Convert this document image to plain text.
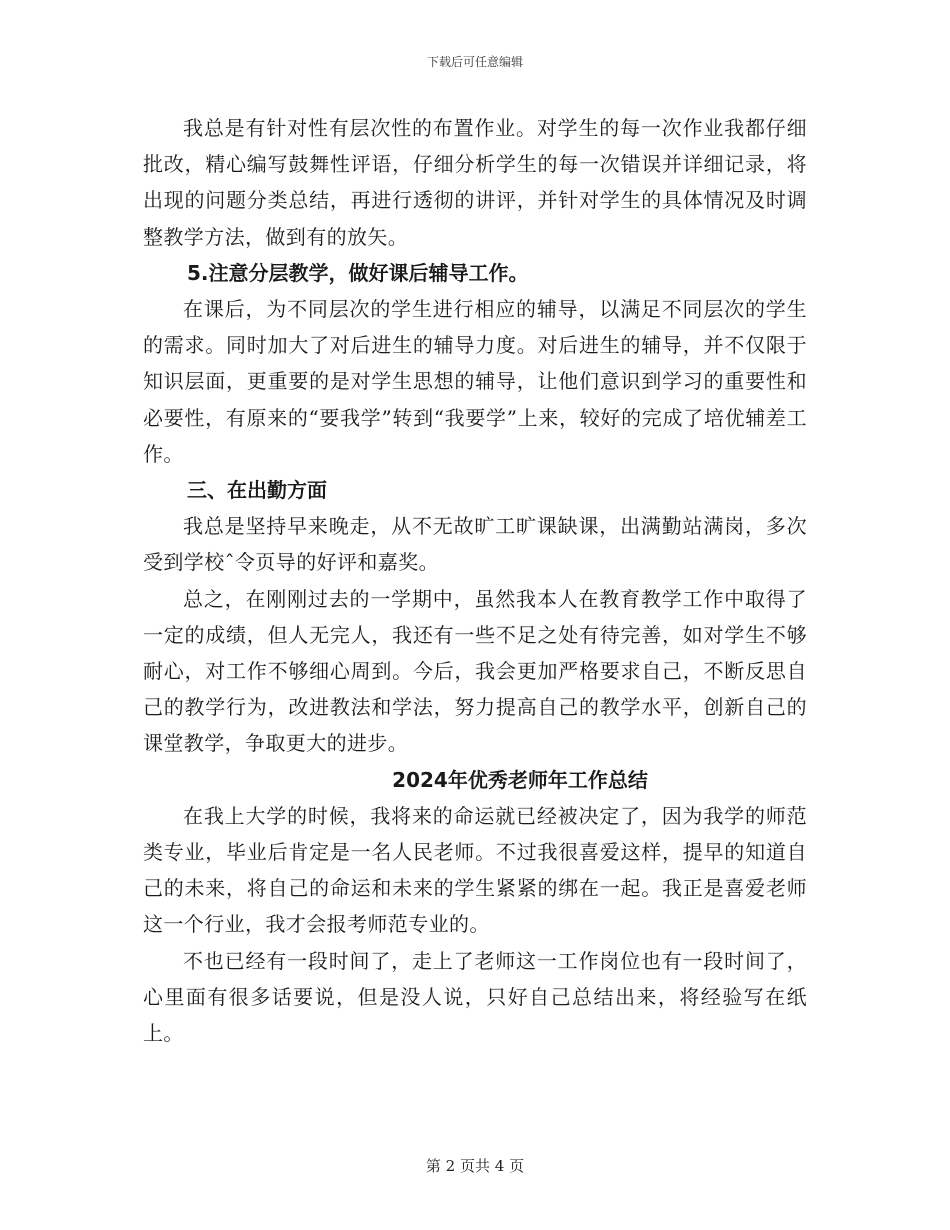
下载后可任意编辑

我总是有针对性有层次性的布置作业。对学生的每一次作业我都仔细批改，精心编写鼓舞性评语，仔细分析学生的每一次错误并详细记录，将出现的问题分类总结，再进行透彻的讲评，并针对学生的具体情况及时调整教学方法，做到有的放矢。

5.注意分层教学，做好课后辅导工作。

在课后，为不同层次的学生进行相应的辅导，以满足不同层次的学生的需求。同时加大了对后进生的辅导力度。对后进生的辅导，并不仅限于知识层面，更重要的是对学生思想的辅导，让他们意识到学习的重要性和必要性，有原来的“要我学”转到“我要学”上来，较好的完成了培优辅差工作。

三、在出勤方面

我总是坚持早来晚走，从不无故旷工旷课缺课，出满勤站满岗，多次受到学校ˆ令页导的好评和嘉奖。

总之，在刚刚过去的一学期中，虽然我本人在教育教学工作中取得了一定的成绩，但人无完人，我还有一些不足之处有待完善，如对学生不够耐心，对工作不够细心周到。今后，我会更加严格要求自己，不断反思自己的教学行为，改进教法和学法，努力提高自己的教学水平，创新自己的课堂教学，争取更大的进步。

2024年优秀老师年工作总结

在我上大学的时候，我将来的命运就已经被决定了，因为我学的师范类专业，毕业后肯定是一名人民老师。不过我很喜爱这样，提早的知道自己的未来，将自己的命运和未来的学生紧紧的绑在一起。我正是喜爱老师这一个行业，我才会报考师范专业的。

不也已经有一段时间了，走上了老师这一工作岗位也有一段时间了，心里面有很多话要说，但是没人说，只好自己总结出来，将经验写在纸上。

第 2 页共 4 页
